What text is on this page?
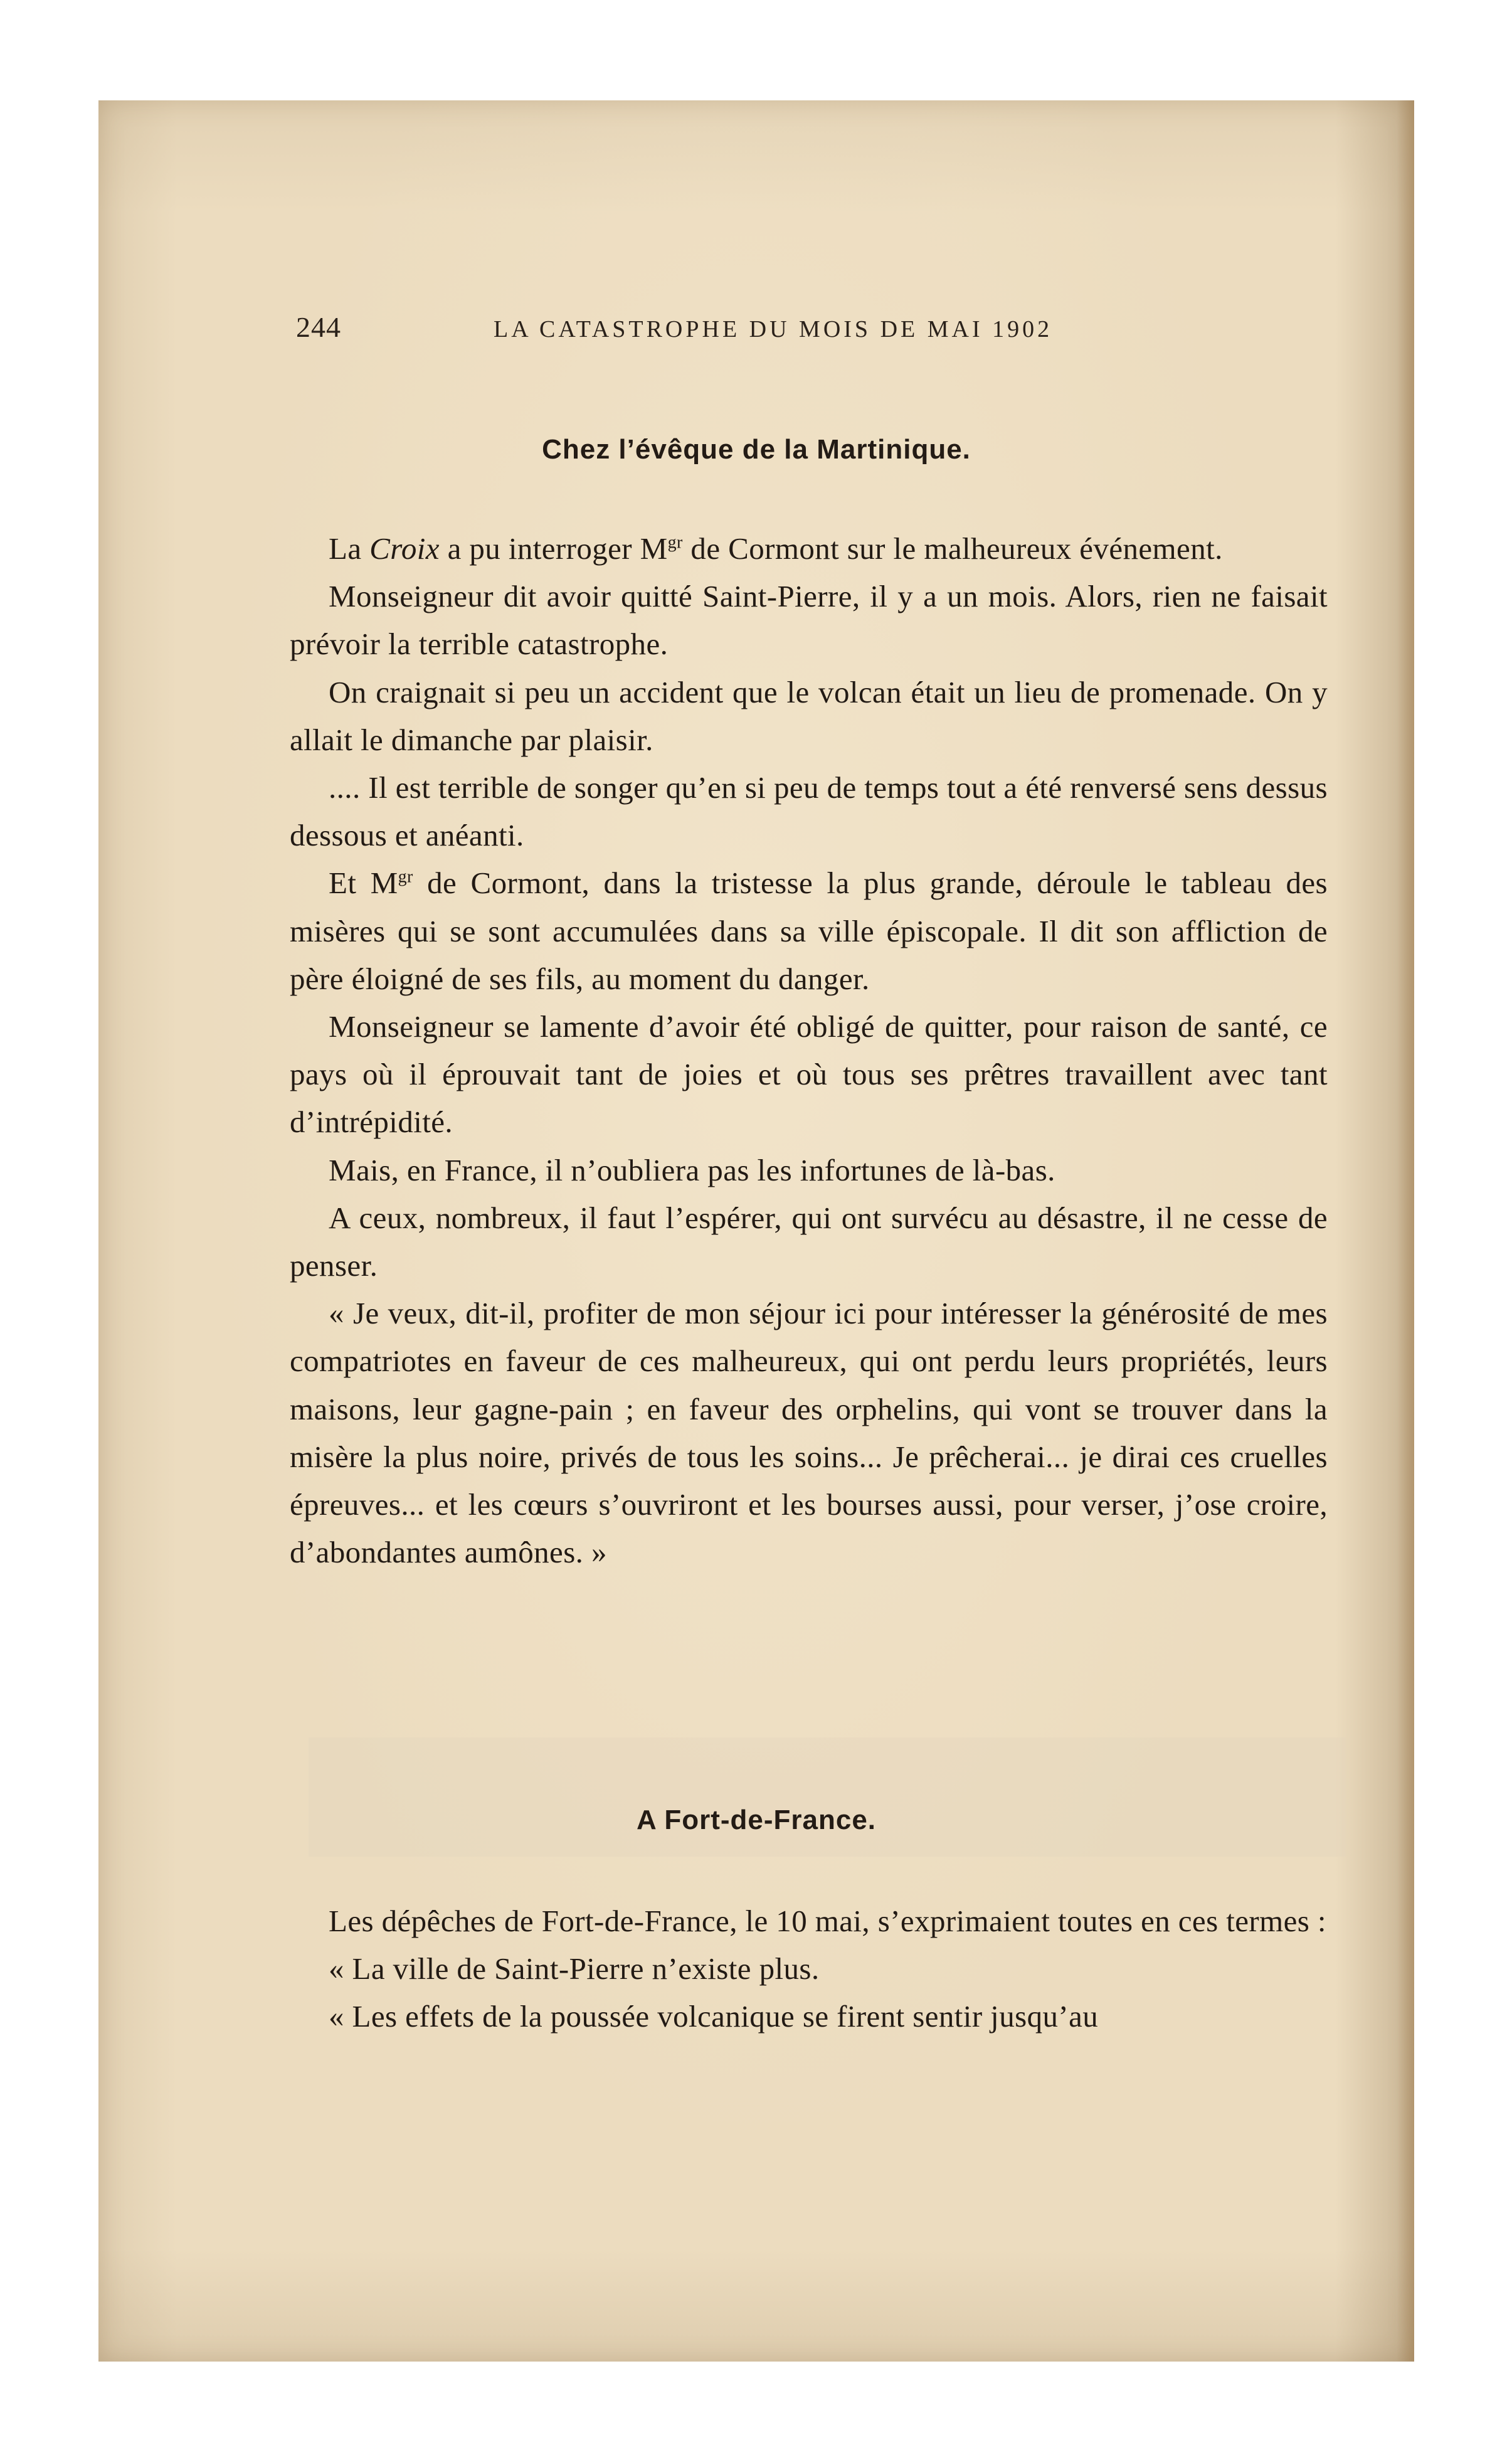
244	LA CATASTROPHE DU MOIS DE MAI 1902
Chez l’évêque de la Martinique.

La Croix a pu interroger $M^{gr}$ de Cormont sur le malheureux événement.

Monseigneur dit avoir quitté Saint-Pierre, il y a un mois. Alors, rien ne faisait prévoir la terrible catastrophe.

On craignait si peu un accident que le volcan était un lieu de promenade. On y allait le dimanche par plaisir.

.... Il est terrible de songer qu’en si peu de temps tout a été renversé sens dessus dessous et anéanti.

Et $M^{gr}$ de Cormont, dans la tristesse la plus grande, déroule le tableau des misères qui se sont accumulées dans sa ville épiscopale. Il dit son affliction de père éloigné de ses fils, au moment du danger.

Monseigneur se lamente d’avoir été obligé de quitter, pour raison de santé, ce pays où il éprouvait tant de joies et où tous ses prêtres travaillent avec tant d’intrépidité.

Mais, en France, il n’oubliera pas les infortunes de là-bas.

A ceux, nombreux, il faut l’espérer, qui ont survécu au désastre, il ne cesse de penser.

« Je veux, dit-il, profiter de mon séjour ici pour intéresser la générosité de mes compatriotes en faveur de ces malheureux, qui ont perdu leurs propriétés, leurs maisons, leur gagne-pain ; en faveur des orphelins, qui vont se trouver dans la misère la plus noire, privés de tous les soins... Je prêcherai... je dirai ces cruelles épreuves... et les cœurs s’ouvriront et les bourses aussi, pour verser, j’ose croire, d’abondantes aumônes. »

A Fort-de-France.

Les dépêches de Fort-de-France, le 10 mai, s’exprimaient toutes en ces termes :

« La ville de Saint-Pierre n’existe plus.

« Les effets de la poussée volcanique se firent sentir jusqu’au
